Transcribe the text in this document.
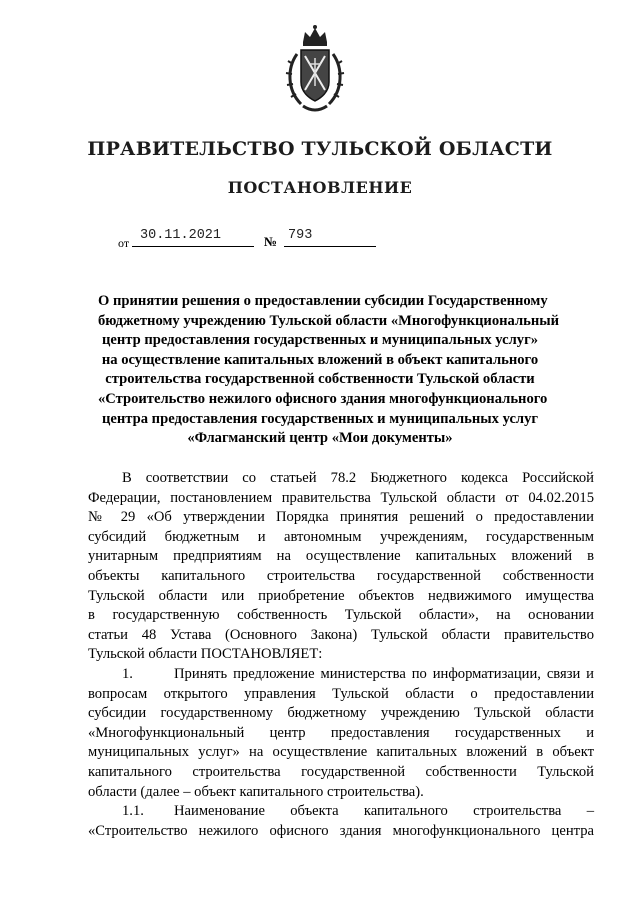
ПРАВИТЕЛЬСТВО ТУЛЬСКОЙ ОБЛАСТИ
ПОСТАНОВЛЕНИЕ
от 30.11.2021	№ 793
О принятии решения о предоставлении субсидии Государственному
бюджетному учреждению Тульской области «Многофункциональный
центр предоставления государственных и муниципальных услуг»
на осуществление капитальных вложений в объект капитального
строительства государственной собственности Тульской области
«Строительство нежилого офисного здания многофункционального
центра предоставления государственных и муниципальных услуг
«Флагманский центр «Мои документы»
В соответствии со статьей 78.2 Бюджетного кодекса Российской
Федерации, постановлением правительства Тульской области от 04.02.2015
№ 29 «Об утверждении Порядка принятия решений о предоставлении
субсидий бюджетным и автономным учреждениям, государственным
унитарным предприятиям на осуществление капитальных вложений в
объекты капитального строительства государственной собственности
Тульской области или приобретение объектов недвижимого имущества
в государственную собственность Тульской области», на основании
статьи 48 Устава (Основного Закона) Тульской области правительство
Тульской области ПОСТАНОВЛЯЕТ:
1.	Принять предложение министерства по информатизации, связи и
вопросам открытого управления Тульской области о предоставлении
субсидии государственному бюджетному учреждению Тульской области
«Многофункциональный центр предоставления государственных и
муниципальных услуг» на осуществление капитальных вложений в объект
капитального строительства государственной собственности Тульской
области (далее – объект капитального строительства).
1.1. Наименование объекта капитального строительства –
«Строительство нежилого офисного здания многофункционального центра
